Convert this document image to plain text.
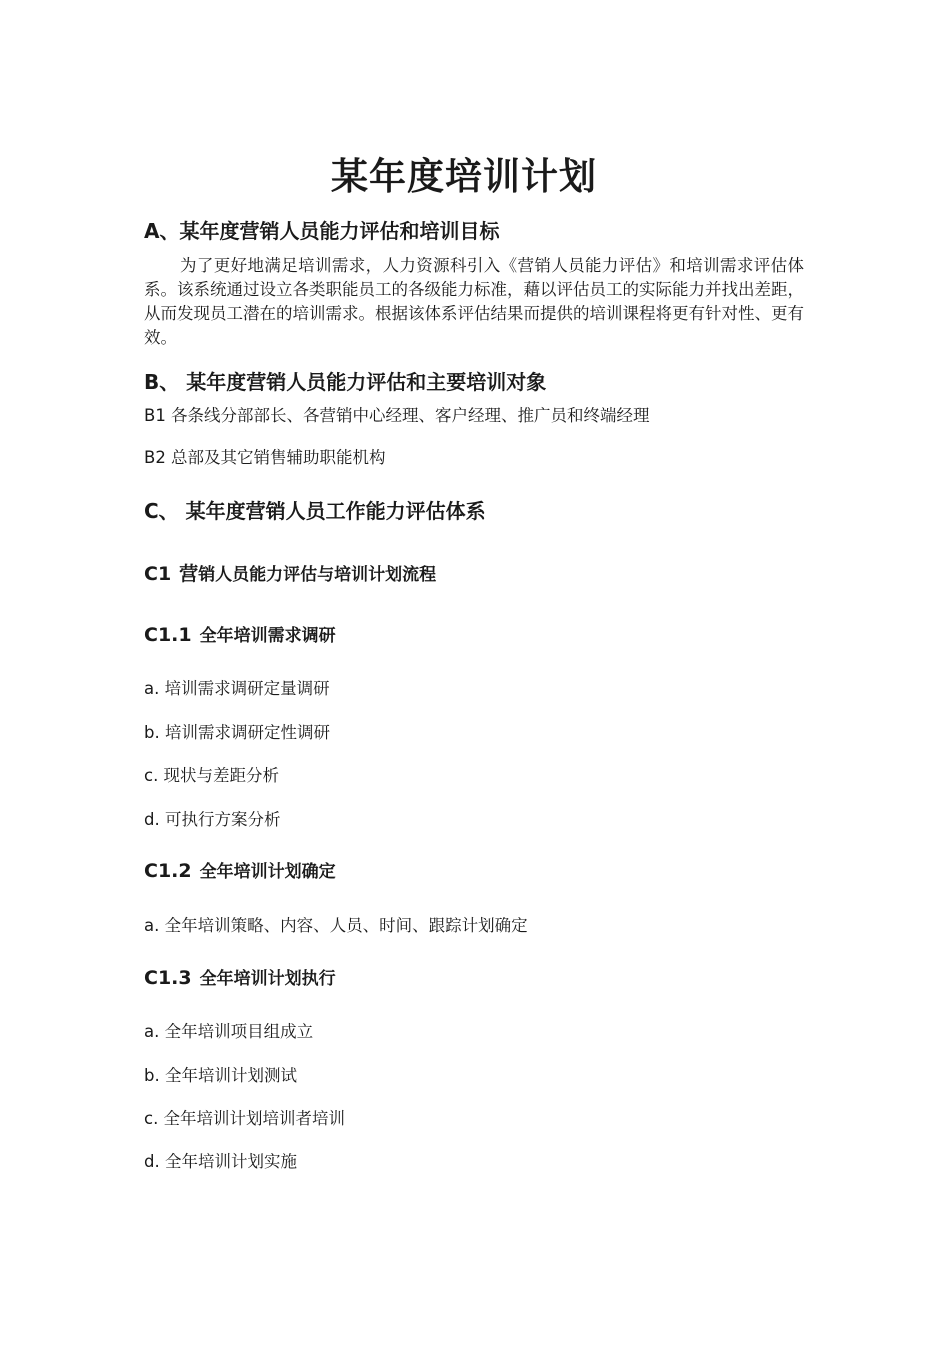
某年度培训计划
A、某年度营销人员能力评估和培训目标

为了更好地满足培训需求，人力资源科引入《营销人员能力评估》和培训需求评估体系。该系统通过设立各类职能员工的各级能力标准，藉以评估员工的实际能力并找出差距，从而发现员工潜在的培训需求。根据该体系评估结果而提供的培训课程将更有针对性、更有效。

B、 某年度营销人员能力评估和主要培训对象
B1 各条线分部部长、各营销中心经理、客户经理、推广员和终端经理
B2 总部及其它销售辅助职能机构
C、 某年度营销人员工作能力评估体系
C1 营销人员能力评估与培训计划流程
C1.1 全年培训需求调研
a. 培训需求调研定量调研
b. 培训需求调研定性调研
c. 现状与差距分析
d. 可执行方案分析
C1.2 全年培训计划确定
a. 全年培训策略、内容、人员、时间、跟踪计划确定
C1.3 全年培训计划执行
a. 全年培训项目组成立
b. 全年培训计划测试
c. 全年培训计划培训者培训
d. 全年培训计划实施
